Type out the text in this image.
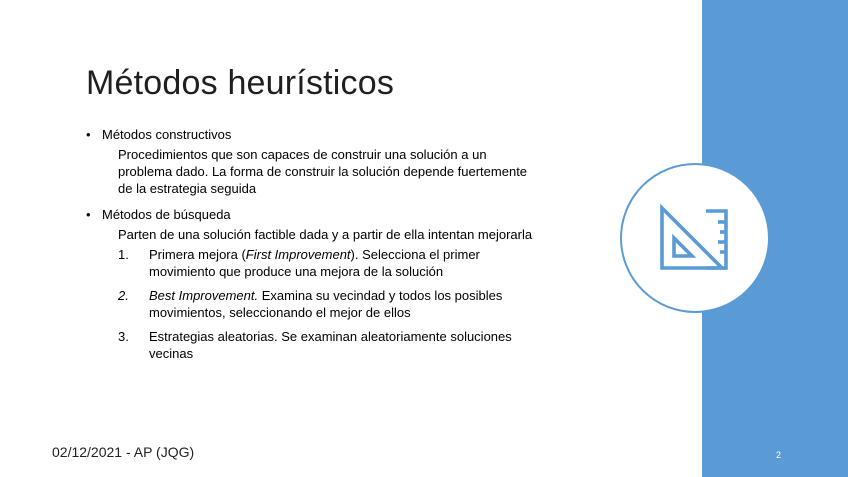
Métodos heurísticos
• Métodos constructivos
Procedimientos que son capaces de construir una solución a un problema dado. La forma de construir la solución depende fuertemente de la estrategia seguida
• Métodos de búsqueda
Parten de una solución factible dada y a partir de ella intentan mejorarla
1. Primera mejora (First Improvement). Selecciona el primer movimiento que produce una mejora de la solución
2. Best Improvement. Examina su vecindad y todos los posibles movimientos, seleccionando el mejor de ellos
3. Estrategias aleatorias. Se examinan aleatoriamente soluciones vecinas
02/12/2021 - AP (JQG)	2
